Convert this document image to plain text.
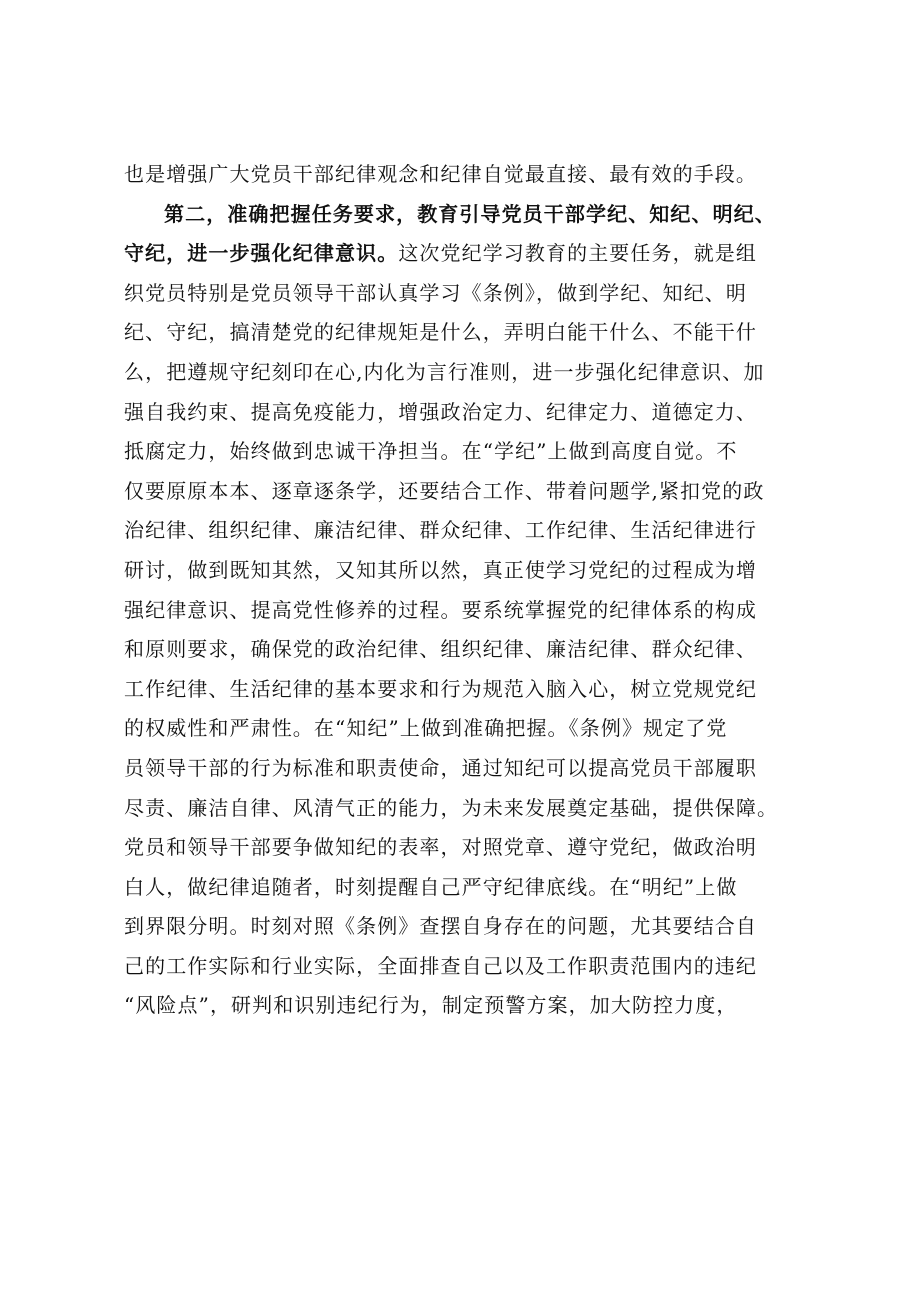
也是增强广大党员干部纪律观念和纪律自觉最直接、最有效的手段。
第二，准确把握任务要求，教育引导党员干部学纪、知纪、明纪、
守纪，进一步强化纪律意识。这次党纪学习教育的主要任务，就是组
织党员特别是党员领导干部认真学习《条例》，做到学纪、知纪、明
纪、守纪，搞清楚党的纪律规矩是什么，弄明白能干什么、不能干什
么，把遵规守纪刻印在心,内化为言行准则，进一步强化纪律意识、加
强自我约束、提高免疫能力，增强政治定力、纪律定力、道德定力、
抵腐定力，始终做到忠诚干净担当。在“学纪”上做到高度自觉。不
仅要原原本本、逐章逐条学，还要结合工作、带着问题学,紧扣党的政
治纪律、组织纪律、廉洁纪律、群众纪律、工作纪律、生活纪律进行
研讨，做到既知其然，又知其所以然，真正使学习党纪的过程成为增
强纪律意识、提高党性修养的过程。要系统掌握党的纪律体系的构成
和原则要求，确保党的政治纪律、组织纪律、廉洁纪律、群众纪律、
工作纪律、生活纪律的基本要求和行为规范入脑入心，树立党规党纪
的权威性和严肃性。在“知纪”上做到准确把握。《条例》规定了党
员领导干部的行为标准和职责使命，通过知纪可以提高党员干部履职
尽责、廉洁自律、风清气正的能力，为未来发展奠定基础，提供保障。
党员和领导干部要争做知纪的表率，对照党章、遵守党纪，做政治明
白人，做纪律追随者，时刻提醒自己严守纪律底线。在“明纪”上做
到界限分明。时刻对照《条例》查摆自身存在的问题，尤其要结合自
己的工作实际和行业实际，全面排查自己以及工作职责范围内的违纪
“风险点”，研判和识别违纪行为，制定预警方案，加大防控力度，
